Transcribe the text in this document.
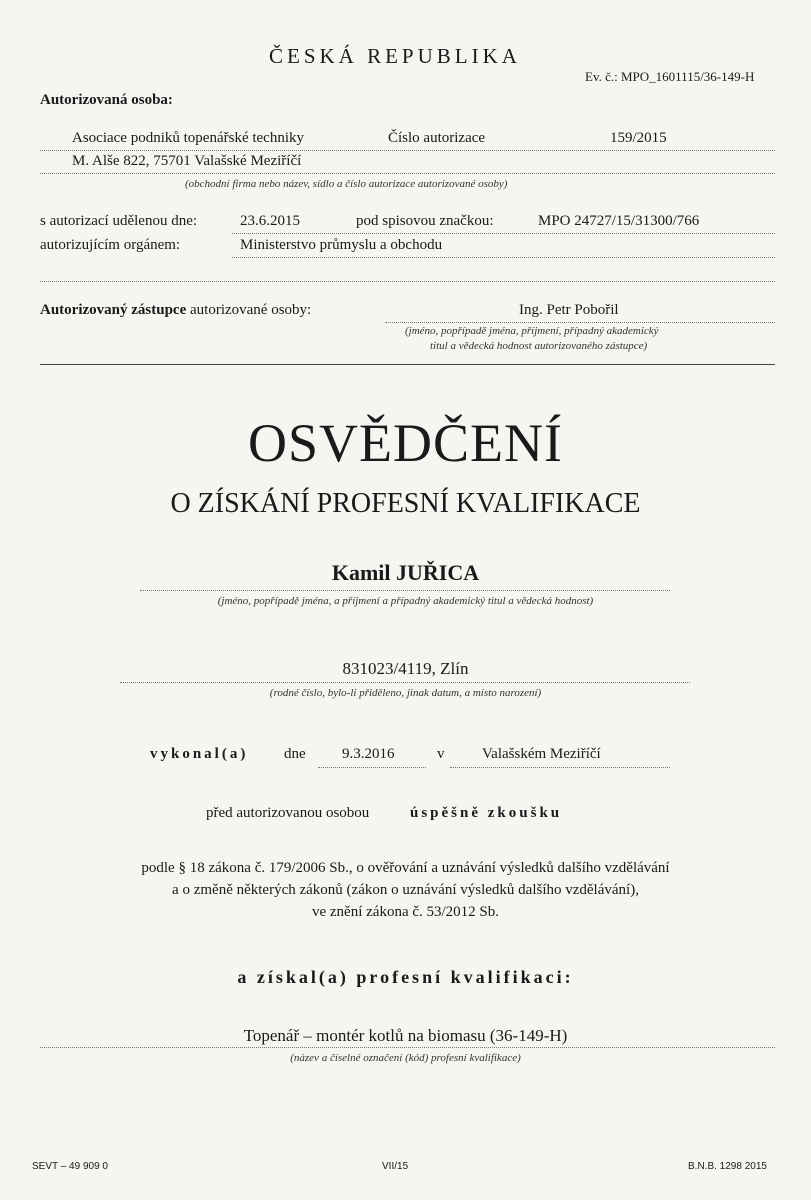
ČESKÁ REPUBLIKA
Ev. č.: MPO_1601115/36-149-H
Autorizovaná osoba:
Asociace podniků topenářské techniky	Číslo autorizace	159/2015
M. Alše 822, 75701 Valašské Meziříčí
(obchodní firma nebo název, sídlo a číslo autorizace autorizované osoby)
s autorizací udělenou dne:	23.6.2015	pod spisovou značkou:	MPO 24727/15/31300/766
autorizujícím orgánem:	Ministerstvo průmyslu a obchodu
Autorizovaný zástupce autorizované osoby:	Ing. Petr Pobořil
(jméno, popřípadě jména, příjmení, případný akademický
titul a vědecká hodnost autorizovaného zástupce)
OSVĚDČENÍ
O ZÍSKÁNÍ PROFESNÍ KVALIFIKACE
Kamil JUŘICA
(jméno, popřípadě jména, a příjmení a případný akademický titul a vědecká hodnost)
831023/4119, Zlín
(rodné číslo, bylo-li přiděleno, jinak datum, a místo narození)
vykonal(a) dne 9.3.2016	v	Valašském Meziříčí
před autorizovanou osobou	úspěšně zkoušku
podle § 18 zákona č. 179/2006 Sb., o ověřování a uznávání výsledků dalšího vzdělávání
a o změně některých zákonů (zákon o uznávání výsledků dalšího vzdělávání),
ve znění zákona č. 53/2012 Sb.
a získal(a) profesní kvalifikaci:
Topenář – montér kotlů na biomasu (36-149-H)
(název a číselné označení (kód) profesní kvalifikace)
SEVT – 49 909 0	VII/15	B.N.B. 1298 2015
